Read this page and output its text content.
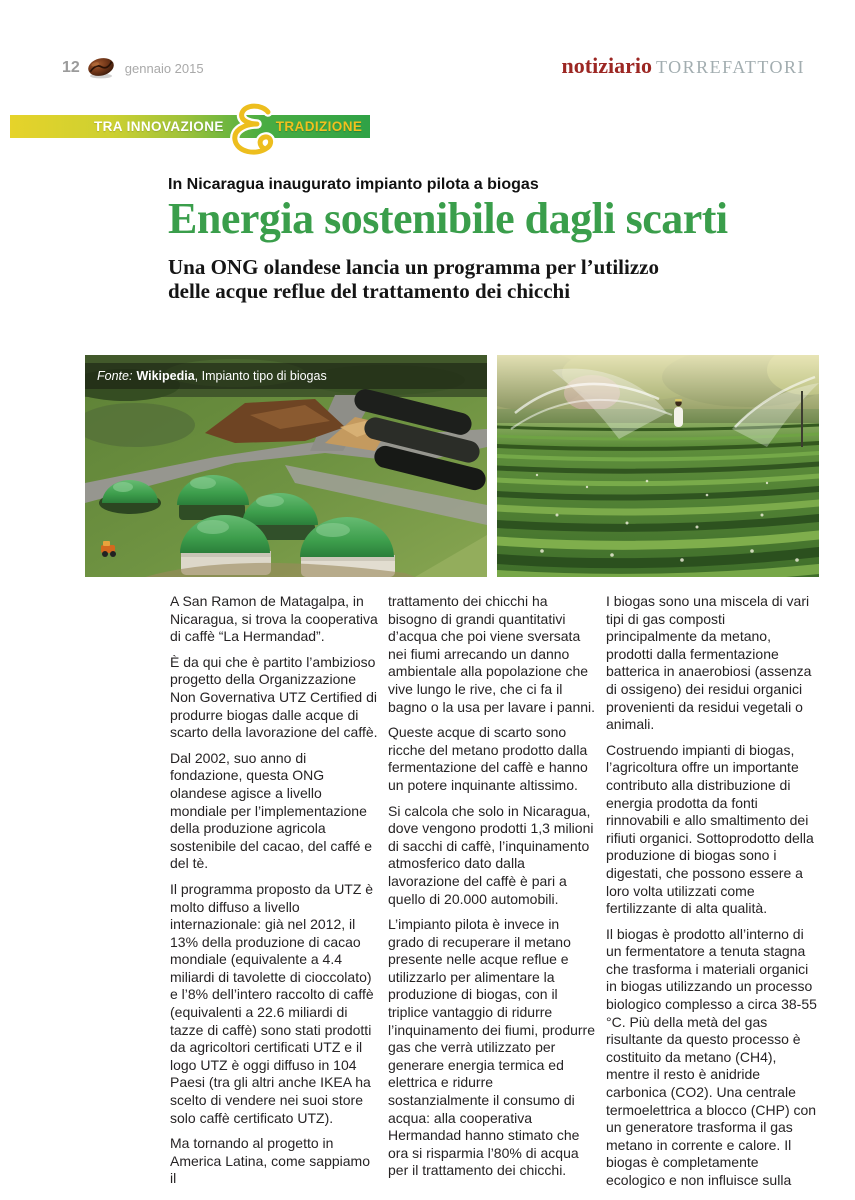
12	gennaio 2015	notiziario TORREFATTORI
TRA INNOVAZIONE	TRADIZIONE
In Nicaragua inaugurato impianto pilota a biogas
Energia sostenibile dagli scarti
Una ONG olandese lancia un programma per l’utilizzo
delle acque reflue del trattamento dei chicchi
Fonte: Wikipedia , Impianto tipo di biogas

A San Ramon de Matagalpa, in Nicaragua, si trova la cooperativa di caffè “La Hermandad”.

È da qui che è partito l’ambizioso progetto della Organizzazione Non Governativa UTZ Certified di produrre biogas dalle acque di scarto della lavorazione del caffè.

Dal 2002, suo anno di fondazione, questa ONG olandese agisce a livello mondiale per l’implementazione della produzione agricola sostenibile del cacao, del caffé e del tè.

Il programma proposto da UTZ è molto diffuso a livello internazionale: già nel 2012, il 13% della produzione di cacao mondiale (equivalente a 4.4 miliardi di tavolette di cioccolato) e l’8% dell’intero raccolto di caffè (equivalenti a 22.6 miliardi di tazze di caffè) sono stati prodotti da agricoltori certificati UTZ e il logo UTZ è oggi diffuso in 104 Paesi (tra gli altri anche IKEA ha scelto di vendere nei suoi store solo caffè certificato UTZ).

Ma tornando al progetto in America Latina, come sappiamo il

trattamento dei chicchi ha bisogno di grandi quantitativi d’acqua che poi viene sversata nei fiumi arrecando un danno ambientale alla popolazione che vive lungo le rive, che ci fa il bagno o la usa per lavare i panni.

Queste acque di scarto sono ricche del metano prodotto dalla fermentazione del caffè e hanno un potere inquinante altissimo.

Si calcola che solo in Nicaragua, dove vengono prodotti 1,3 milioni di sacchi di caffè, l’inquinamento atmosferico dato dalla lavorazione del caffè è pari a quello di 20.000 automobili.

L’impianto pilota è invece in grado di recuperare il metano presente nelle acque reflue e utilizzarlo per alimentare la produzione di biogas, con il triplice vantaggio di ridurre l’inquinamento dei fiumi, produrre gas che verrà utilizzato per generare energia termica ed elettrica e ridurre sostanzialmente il consumo di acqua: alla cooperativa Hermandad hanno stimato che ora si risparmia l’80% di acqua per il trattamento dei chicchi.

I biogas sono una miscela di vari tipi di gas composti principalmente da metano, prodotti dalla fermentazione batterica in anaerobiosi (assenza di ossigeno) dei residui organici provenienti da residui vegetali o animali.

Costruendo impianti di biogas, l’agricoltura offre un importante contributo alla distribuzione di energia prodotta da fonti rinnovabili e allo smaltimento dei rifiuti organici. Sottoprodotto della produzione di biogas sono i digestati, che possono essere a loro volta utilizzati come fertilizzante di alta qualità.

Il biogas è prodotto all’interno di un fermentatore a tenuta stagna che trasforma i materiali organici in biogas utilizzando un processo biologico complesso a circa 38-55 °C. Più della metà del gas risultante da questo processo è costituito da metano (CH4), mentre il resto è anidride carbonica (CO2). Una centrale termoelettrica a blocco (CHP) con un generatore trasforma il gas metano in corrente e calore. Il biogas è completamente ecologico e non influisce sulla
